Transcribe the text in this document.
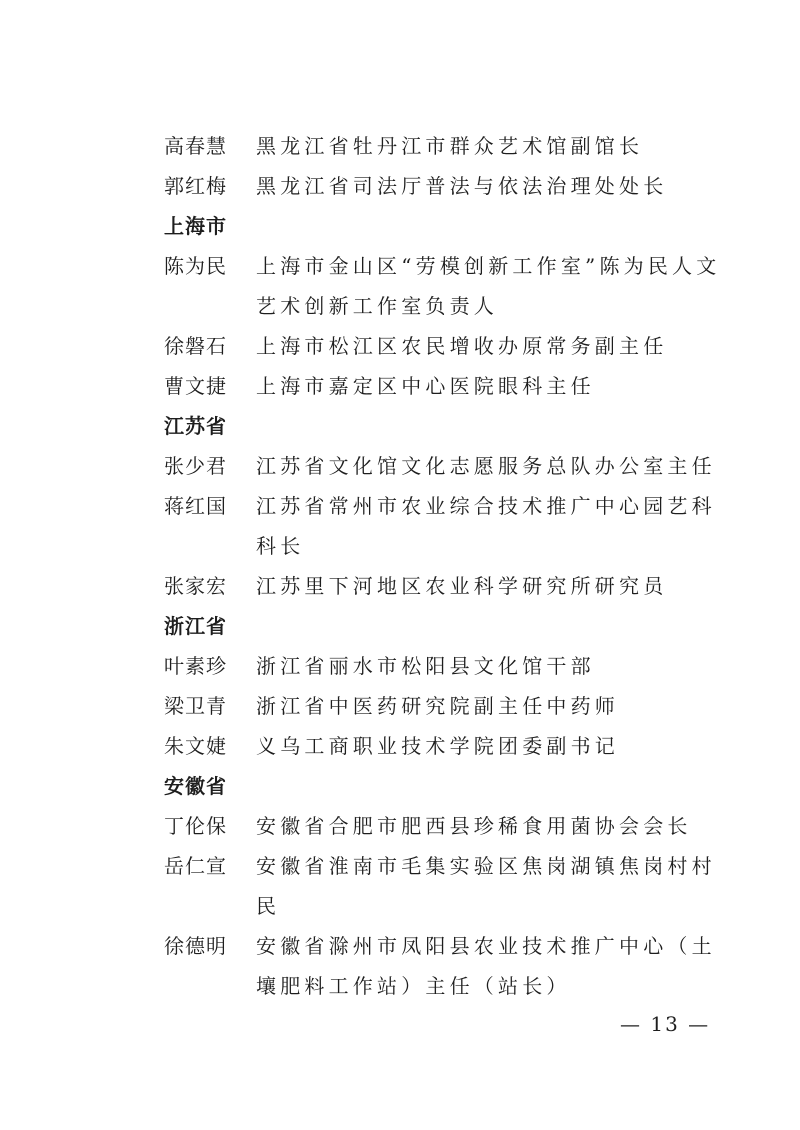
高春慧	黑龙江省牡丹江市群众艺术馆副馆长
郭红梅	黑龙江省司法厅普法与依法治理处处长
上海市
陈为民	上海市金山区“劳模创新工作室”陈为民人文艺术创新工作室负责人
徐磐石	上海市松江区农民增收办原常务副主任
曹文捷	上海市嘉定区中心医院眼科主任
江苏省
张少君	江苏省文化馆文化志愿服务总队办公室主任
蒋红国	江苏省常州市农业综合技术推广中心园艺科科长
张家宏	江苏里下河地区农业科学研究所研究员
浙江省
叶素珍	浙江省丽水市松阳县文化馆干部
梁卫青	浙江省中医药研究院副主任中药师
朱文婕	义乌工商职业技术学院团委副书记
安徽省
丁伦保	安徽省合肥市肥西县珍稀食用菌协会会长
岳仁宣	安徽省淮南市毛集实验区焦岗湖镇焦岗村村民
徐德明	安徽省滁州市凤阳县农业技术推广中心（土壤肥料工作站）主任（站长）
— 13 —
